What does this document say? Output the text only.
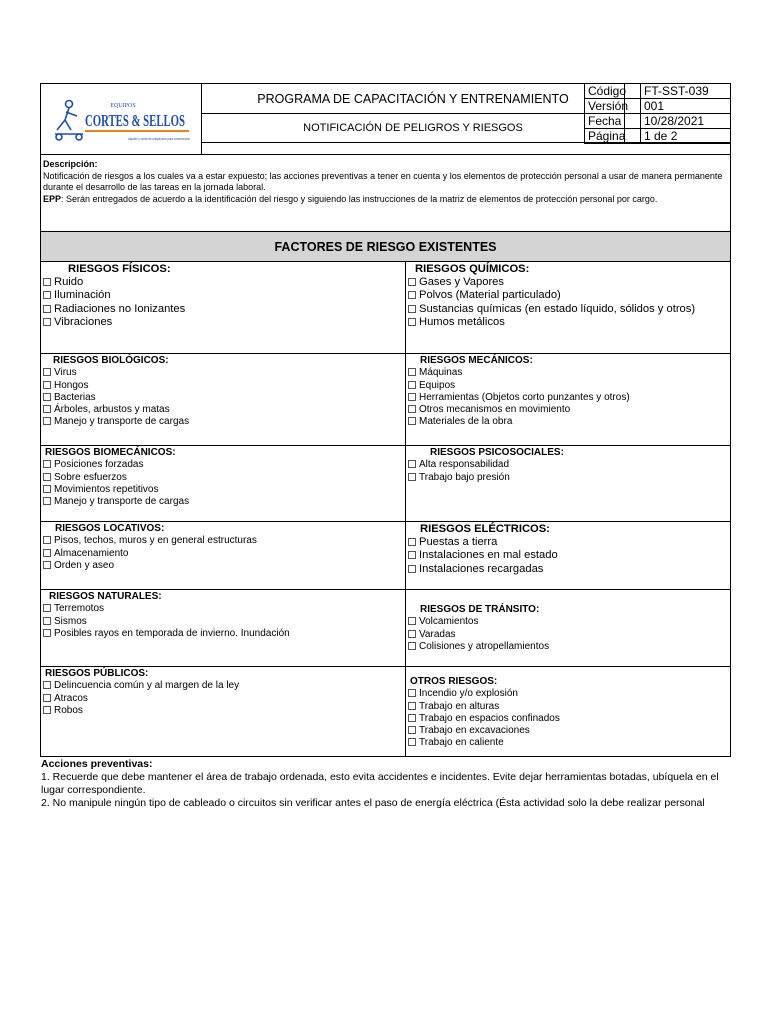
EQUIPOS
CORTES & SELLOS
Alquiler y venta de maquinaria para construcción
PROGRAMA DE CAPACITACIÓN Y ENTRENAMIENTO
NOTIFICACIÓN DE PELIGROS Y RIESGOS
Código	FT-SST-039
Versión	001
Fecha	10/28/2021
Página	1 de 2
Descripción:
Notificación de riesgos a los cuales va a estar expuesto; las acciones preventivas a tener en cuenta y los elementos de protección personal a usar de manera permanente durante el desarrollo de las tareas en la jornada laboral.
EPP: Serán entregados de acuerdo a la identificación del riesgo y siguiendo las instrucciones de la matriz de elementos de protección personal por cargo.
FACTORES DE RIESGO EXISTENTES
RIESGOS FÍSICOS:
Ruido
Iluminación
Radiaciones no Ionizantes
Vibraciones
RIESGOS QUÍMICOS:
Gases y Vapores
Polvos (Material particulado)
Sustancias químicas (en estado líquido, sólidos y otros)
Humos metálicos
RIESGOS BIOLÓGICOS:
Virus
Hongos
Bacterias
Árboles, arbustos y matas
Manejo y transporte de cargas
RIESGOS MECÁNICOS:
Máquinas
Equipos
Herramientas (Objetos corto punzantes y otros)
Otros mecanismos en movimiento
Materiales de la obra
RIESGOS BIOMECÁNICOS:
Posiciones forzadas
Sobre esfuerzos
Movimientos repetitivos
Manejo y transporte de cargas
RIESGOS PSICOSOCIALES:
Alta responsabilidad
Trabajo bajo presión
RIESGOS LOCATIVOS:
Pisos, techos, muros y en general estructuras
Almacenamiento
Orden y aseo
RIESGOS ELÉCTRICOS:
Puestas a tierra
Instalaciones en mal estado
Instalaciones recargadas
RIESGOS NATURALES:
Terremotos
Sismos
Posibles rayos en temporada de invierno. Inundación
RIESGOS DE TRÁNSITO:
Volcamientos
Varadas
Colisiones y atropellamientos
RIESGOS PÚBLICOS:
Delincuencia común y al margen de la ley
Atracos
Robos
OTROS RIESGOS:
Incendio y/o explosión
Trabajo en alturas
Trabajo en espacios confinados
Trabajo en excavaciones
Trabajo en caliente
Acciones preventivas:
1. Recuerde que debe mantener el área de trabajo ordenada, esto evita accidentes e incidentes. Evite dejar herramientas botadas, ubíquela en el lugar correspondiente.
2. No manipule ningún tipo de cableado o circuitos sin verificar antes el paso de energía eléctrica (Ésta actividad solo la debe realizar personal
